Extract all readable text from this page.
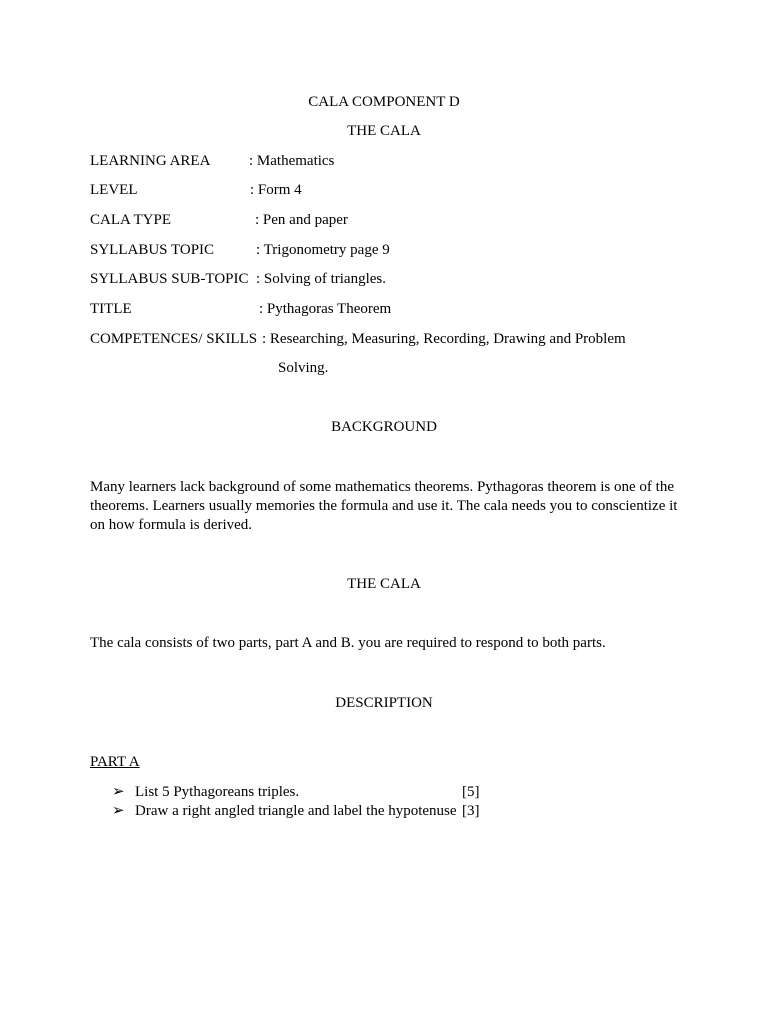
CALA COMPONENT D
THE CALA
LEARNING AREA	: Mathematics
LEVEL	: Form 4
CALA TYPE	: Pen and paper
SYLLABUS TOPIC	: Trigonometry page 9
SYLLABUS SUB-TOPIC : Solving of triangles.
TITLE	: Pythagoras Theorem
COMPETENCES/ SKILLS : Researching, Measuring, Recording, Drawing and Problem
Solving.
BACKGROUND
Many learners lack background of some mathematics theorems. Pythagoras theorem is one of the theorems. Learners usually memories the formula and use it. The cala needs you to conscientize it on how formula is derived.
THE CALA
The cala consists of two parts, part A and B. you are required to respond to both parts.
DESCRIPTION
PART A
➢ List 5 Pythagoreans triples.	[5]
➢ Draw a right angled triangle and label the hypotenuse [3]
